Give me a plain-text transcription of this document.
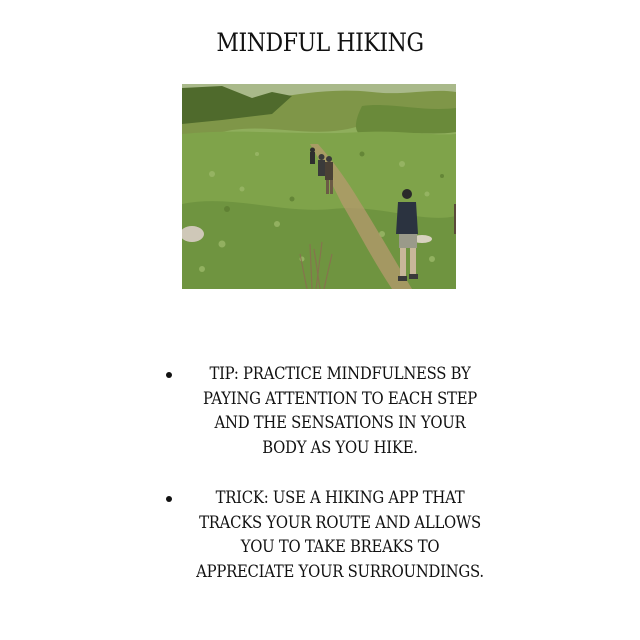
MINDFUL HIKING
TIP: PRACTICE MINDFULNESS BY PAYING ATTENTION TO EACH STEP AND THE SENSATIONS IN YOUR BODY AS YOU HIKE.
TRICK: USE A HIKING APP THAT TRACKS YOUR ROUTE AND ALLOWS YOU TO TAKE BREAKS TO APPRECIATE YOUR SURROUNDINGS.
